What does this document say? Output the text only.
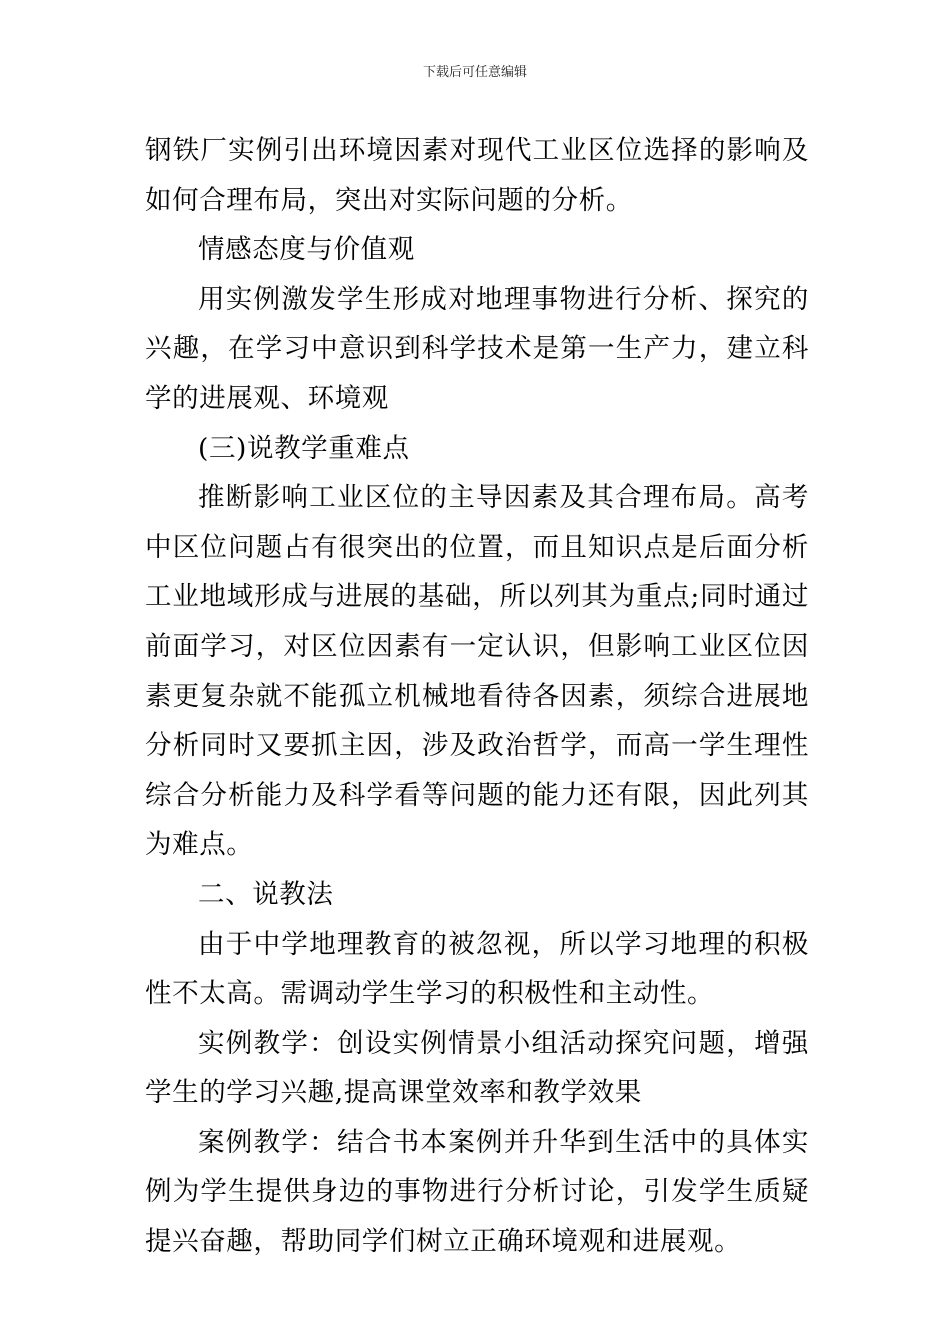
下载后可任意编辑

钢铁厂实例引出环境因素对现代工业区位选择的影响及如何合理布局，突出对实际问题的分析。

情感态度与价值观

用实例激发学生形成对地理事物进行分析、探究的兴趣，在学习中意识到科学技术是第一生产力，建立科学的进展观、环境观

(三)说教学重难点

推断影响工业区位的主导因素及其合理布局。高考中区位问题占有很突出的位置，而且知识点是后面分析工业地域形成与进展的基础，所以列其为重点;同时通过前面学习，对区位因素有一定认识，但影响工业区位因素更复杂就不能孤立机械地看待各因素，须综合进展地分析同时又要抓主因，涉及政治哲学，而高一学生理性综合分析能力及科学看等问题的能力还有限，因此列其为难点。

二、说教法

由于中学地理教育的被忽视，所以学习地理的积极性不太高。需调动学生学习的积极性和主动性。

实例教学：创设实例情景小组活动探究问题，增强学生的学习兴趣,提高课堂效率和教学效果

案例教学：结合书本案例并升华到生活中的具体实例为学生提供身边的事物进行分析讨论，引发学生质疑提兴奋趣，帮助同学们树立正确环境观和进展观。
